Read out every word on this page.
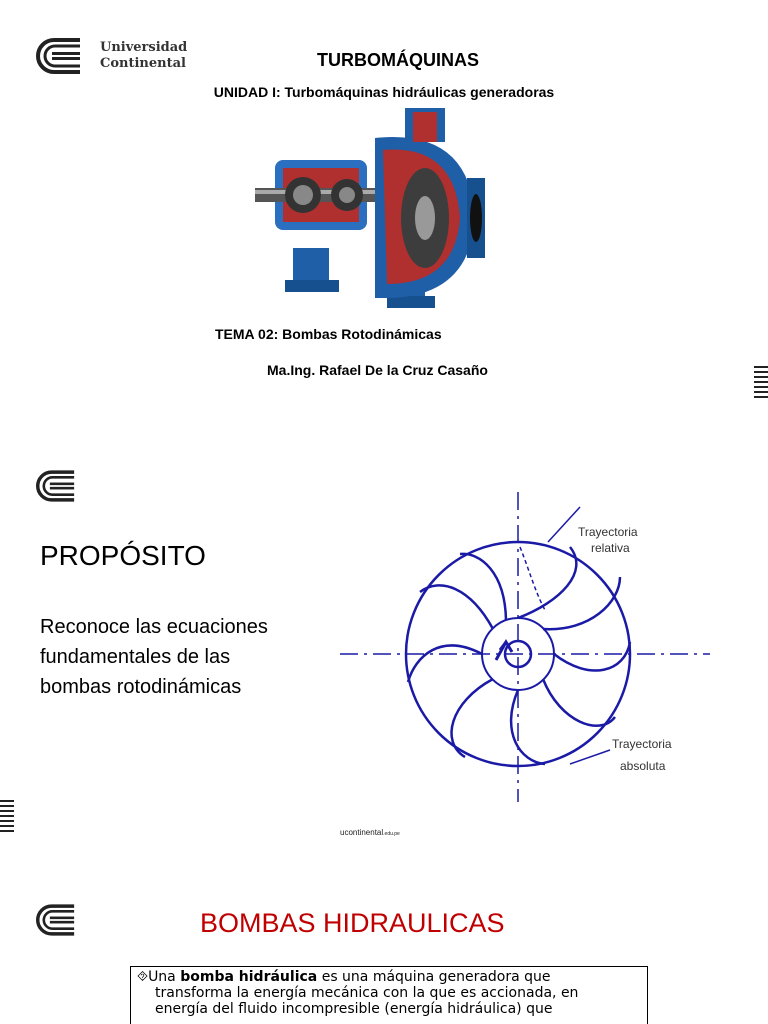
Universidad
Continental	TURBOMÁQUINAS
UNIDAD I: Turbomáquinas hidráulicas generadoras
TEMA 02: Bombas Rotodinámicas
Ma.Ing. Rafael De la Cruz Casaño
PROPÓSITO
Reconoce las ecuaciones fundamentales de las bombas rotodinámicas
Trayectoria
relativa
Trayectoria
absoluta
ucontinental.edu.pe
BOMBAS HIDRAULICAS
⯑Una bomba hidráulica es una máquina generadora que
transforma la energía mecánica con la que es accionada, en
energía del fluido incompresible (energía hidráulica) que
